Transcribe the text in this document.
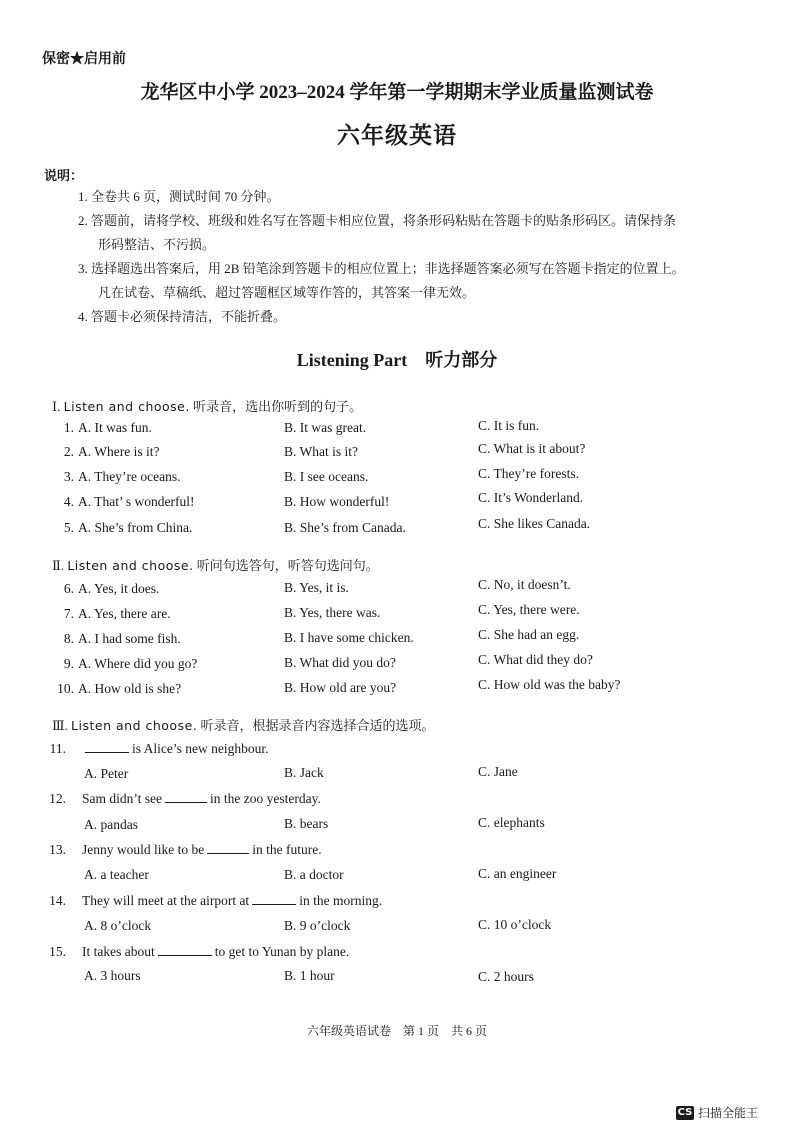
保密★启用前
龙华区中小学 2023–2024 学年第一学期期末学业质量监测试卷
六年级英语
说明：
1. 全卷共 6 页，测试时间 70 分钟。
2. 答题前，请将学校、班级和姓名写在答题卡相应位置，将条形码粘贴在答题卡的贴条形码区。请保持条
形码整洁、不污损。
3. 选择题选出答案后，用 2B 铅笔涂到答题卡的相应位置上；非选择题答案必须写在答题卡指定的位置上。
凡在试卷、草稿纸、超过答题框区域等作答的，其答案一律无效。
4. 答题卡必须保持清洁，不能折叠。
Listening Part　听力部分
Ⅰ. Listen and choose. 听录音，选出你听到的句子。
1. A. It was fun.	B. It was great.	C. It is fun.
2. A. Where is it?	B. What is it?	C. What is it about?
3. A. They’re oceans.	B. I see oceans.	C. They’re forests.
4. A. That’ s wonderful!	B. How wonderful!	C. It’s Wonderland.
5. A. She’s from China.	B. She’s from Canada.	C. She likes Canada.
Ⅱ. Listen and choose. 听问句选答句，听答句选问句。
6. A. Yes, it does.	B. Yes, it is.	C. No, it doesn’t.
7. A. Yes, there are.	B. Yes, there was.	C. Yes, there were.
8. A. I had some fish.	B. I have some chicken.	C. She had an egg.
9. A. Where did you go?	B. What did you do?	C. What did they do?
10. A. How old is she?	B. How old are you?	C. How old was the baby?
Ⅲ. Listen and choose. 听录音，根据录音内容选择合适的选项。
11.	is Alice’s new neighbour.
A. Peter	B. Jack	C. Jane
12. Sam didn’t see	in the zoo yesterday.
A. pandas	B. bears	C. elephants
13. Jenny would like to be	in the future.
A. a teacher	B. a doctor	C. an engineer
14. They will meet at the airport at	in the morning.
A. 8 o’clock	B. 9 o’clock	C. 10 o’clock
15. It takes about	to get to Yunan by plane.
A. 3 hours	B. 1 hour	C. 2 hours
六年级英语试卷　第 1 页　共 6 页
CS 扫描全能王
